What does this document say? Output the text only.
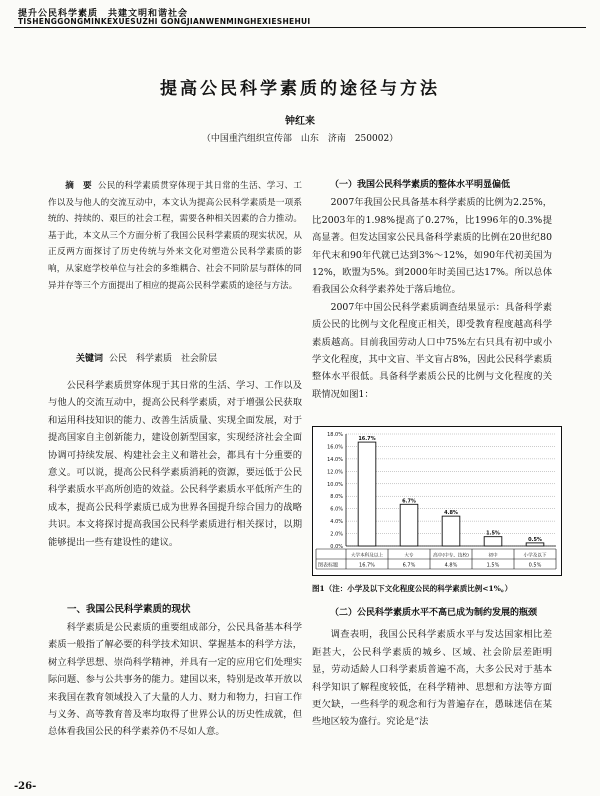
提升公民科学素质　共建文明和谐社会
TISHENGGONGMINKEXUESUZHI GONGJIANWENMINGHEXIESHEHUI
提高公民科学素质的途径与方法
钟红来
（中国重汽组织宣传部　山东　济南　250002）

摘　要 公民的科学素质贯穿体现于其日常的生活、学习、工作以及与他人的交流互动中，本文认为提高公民科学素质是一项系统的、持续的、艰巨的社会工程，需要各种相关因素的合力推动。基于此，本文从三个方面分析了我国公民科学素质的现实状况，从正反两方面探讨了历史传统与外来文化对塑造公民科学素质的影响，从家庭学校单位与社会的多维耦合、社会不同阶层与群体的同异并存等三个方面提出了相应的提高公民科学素质的途径与方法。

关键词 公民　科学素质　社会阶层

公民科学素质贯穿体现于其日常的生活、学习、工作以及与他人的交流互动中，提高公民科学素质，对于增强公民获取和运用科技知识的能力、改善生活质量、实现全面发展，对于提高国家自主创新能力，建设创新型国家，实现经济社会全面协调可持续发展、构建社会主义和谐社会，都具有十分重要的意义。可以说，提高公民科学素质消耗的资源，要远低于公民科学素质水平高所创造的效益。公民科学素质水平低所产生的成本，提高公民科学素质已成为世界各国提升综合国力的战略共识。本文将探讨提高我国公民科学素质进行相关探讨，以期能够提出一些有建设性的建议。

一、我国公民科学素质的现状

科学素质是公民素质的重要组成部分，公民具备基本科学素质一般指了解必要的科学技术知识、掌握基本的科学方法，树立科学思想、崇尚科学精神，并具有一定的应用它们处理实际问题、参与公共事务的能力。建国以来，特别是改革开放以来我国在教育领域投入了大量的人力、财力和物力，扫盲工作与义务、高等教育普及率均取得了世界公认的历史性成就，但总体看我国公民的科学素养仍不尽如人意。

（一）我国公民科学素质的整体水平明显偏低

2007年我国公民具备基本科学素质的比例为2.25%，比2003年的1.98%提高了0.27%，比1996年的0.3%提高显著。但发达国家公民具备科学素质的比例在20世纪80年代末和90年代就已达到3%～12%，如90年代初美国为12%，欧盟为5%。到2000年时美国已达17%。所以总体看我国公众科学素养处于落后地位。

2007年中国公民科学素质调查结果显示：具备科学素质公民的比例与文化程度正相关，即受教育程度越高科学素质越高。目前我国劳动人口中75%左右只具有初中或小学文化程度，其中文盲、半文盲占8%，因此公民科学素质整体水平很低。具备科学素质公民的比例与文化程度的关联情况如图1：

18.0%
16.0%
14.0%
12.0%
10.0%
8.0%
6.0%
4.0%
2.0%
0.0%
16.7%
6.7%
4.8%
1.5%
0.5%
图表标题
大学本科及以上
16.7%
大专
6.7%
高中(中专、技校)
4.8%
初中
1.5%
小学及以下
0.5%
图1（注：小学及以下文化程度公民的科学素质比例<1%。）

（二）公民科学素质水平不高已成为制约发展的瓶颈

调查表明，我国公民科学素质水平与发达国家相比差距甚大，公民科学素质的城乡、区域、社会阶层差距明显，劳动适龄人口科学素质普遍不高，大多公民对于基本科学知识了解程度较低，在科学精神、思想和方法等方面更欠缺，一些科学的观念和行为普遍存在，愚昧迷信在某些地区较为盛行。究论是“法

-26-
